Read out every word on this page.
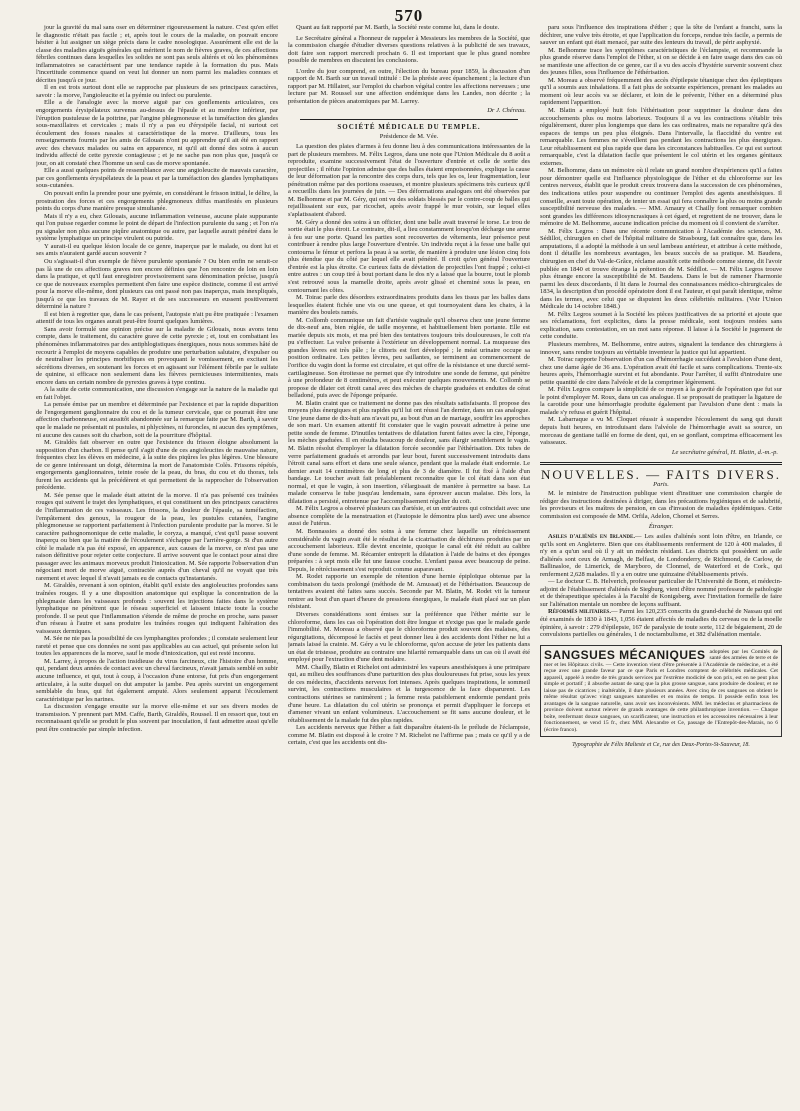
570

jour la gravité du mal sans oser en déterminer rigoureusement la nature. C'est qu'en effet le diagnostic n'était pas facile ; et, après tout le cours de la maladie, on pouvait encore hésiter à lui assigner un siège précis dans le cadre nosologique. Assurément elle est de la classe des maladies aiguës générales qui méritent le nom de fièvres graves, de ces affections fébriles continues dans lesquelles les solides ne sont pas seuls altérés et où les phénomènes inflammatoires se caractérisent par une tendance rapide à la formation du pus. Mais l'incertitude commence quand on veut lui donner un nom parmi les maladies connues et décrites jusqu'à ce jour.

Il en est trois surtout dont elle se rapproche par plusieurs de ses principaux caractères, savoir : la morve, l'angioleucite et la pyémie ou infect ou purulente.

Elle a de l'analogie avec la morve aiguë par ces gonflements articulaires, ces engorgements érysipélateux survenus au-dessus de l'épaule et au membre inférieur, par l'éruption pustuleuse de la poitrine, par l'angine phlegmoneuse et la tuméfaction des glandes sous-maxillaires et cervicales ; mais il n'y a pas eu d'érysipèle facial, ni surtout cet écoulement des fosses nasales si caractéristique de la morve. D'ailleurs, tous les renseignements fournis par les amis de Gilouais n'ont pu apprendre qu'il ait été en rapport avec des chevaux malades ou sains en apparence, ni qu'il ait donné des soins à aucun individu affecté de cette pyrexie contagieuse ; et je ne sache pas non plus que, jusqu'à ce jour, on ait constaté chez l'homme un seul cas de morve spontanée.

Elle a aussi quelques points de ressemblance avec une angioleucite de mauvais caractère, par ces gonflements érysipélateux de la peau et par la tuméfaction des glandes lymphatiques sous-cutanées.

On pouvait enfin la prendre pour une pyémie, en considérant le frisson initial, le délire, la prostration des forces et ces engorgements phlegmoneux diffus manifestés en plusieurs points du corps d'une manière presque simultanée.

Mais il n'y a eu, chez Gilouais, aucune inflammation veineuse, aucune plaie suppurante qui l'on puisse regarder comme le point de départ de l'infection purulente du sang ; et l'on n'a pu signaler non plus aucune piqûre anatomique ou autre, par laquelle aurait pénétré dans le système lymphatique un principe virulent ou putride.

Y aurait-il eu quelque lésion locale de ce genre, inaperçue par le malade, ou dont lui et ses amis n'auraient gardé aucun souvenir ?

Ou s'agissait-il d'un exemple de fièvre purulente spontanée ? Ou bien enfin ne serait-ce pas là une de ces affections graves non encore définies que l'on rencontre de loin en loin dans la pratique, et qu'il faut enregistrer provisoirement sans dénomination précise, jusqu'à ce que de nouveaux exemples permettent d'en faire une espèce distincte, comme il est arrivé pour la morve elle-même, dont plusieurs cas ont passé non pas inaperçus, mais inexpliqués, jusqu'à ce que les travaux de M. Rayer et de ses successeurs en eussent positivement déterminé la nature ?

Il est bien à regretter que, dans le cas présent, l'autopsie n'ait pu être pratiquée : l'examen attentif de tous les organes aurait peut-être fourni quelques lumières.

Sans avoir formulé une opinion précise sur la maladie de Gilouais, nous avons tenu compte, dans le traitement, du caractère grave de cette pyrexie ; et, tout en combattant les phénomènes inflammatoires par des antiphlogistiques énergiques, nous nous sommes hâté de recourir à l'emploi de moyens capables de produire une perturbation salutaire, d'expulser ou de neutraliser les principes morbifiques en provoquant le vomissement, en excitant les sécrétions diverses, en soutenant les forces et en agissant sur l'élément fébrile par le sulfate de quinine, si efficace non seulement dans les fièvres pernicieuses intermittentes, mais encore dans un certain nombre de pyrexies graves à type continu.

A la suite de cette communication, une discussion s'engage sur la nature de la maladie qui en fait l'objet.

La pensée émise par un membre et déterminée par l'existence et par la rapide disparition de l'engorgement ganglionnaire du cou et de la tumeur cervicale, que ce pourrait être une affection charbonneuse, est aussitôt abandonnée sur la remarque faite par M. Barth, à savoir que le malade ne présentait ni pustules, ni phlyctènes, ni furoncles, ni aucun des symptômes, ni aucune des causes soit du charbon, soit de la pourriture d'hôpital.

M. Giraldès fait observer en outre que l'existence du frisson éloigne absolument la supposition d'un charbon. Il pense qu'il s'agit d'une de ces angioleucites de mauvaise nature, fréquentes chez les élèves en médecine, à la suite des piqûres les plus légères. Une blessure de ce genre intéressant un doigt, détermina la mort de l'anatomiste Colès. Frissons répétés, engorgements ganglionnaires, teinte rosée de la peau, du bras, du cou et du thorax, tels furent les accidents qui la précédèrent et qui permettent de la rapprocher de l'observation précédente.

M. Sée pense que le malade était atteint de la morve. Il n'a pas présenté ces traînées rouges qui suivent le trajet des lymphatiques, et qui constituent un des principaux caractères de l'inflammation de ces vaisseaux. Les frissons, la douleur de l'épaule, sa tuméfaction, l'empâtement des genoux, la rougeur de la peau, les pustules cutanées, l'angine phlegmoneuse se rapportent parfaitement à l'infection purulente produite par la morve. Si le caractère pathognomonique de cette maladie, le coryza, a manqué, c'est qu'il passe souvent inaperçu ou bien que la matière de l'écoulement s'échappe par l'arrière-gorge. Si d'un autre côté le malade n'a pas été exposé, en apparence, aux causes de la morve, ce n'est pas une raison définitive pour rejeter cette conjecture. Il arrive souvent que le contact pour ainsi dire passager avec les animaux morveux produit l'intoxication. M. Sée rapporte l'observation d'un négociant mort de morve aiguë, contractée auprès d'un cheval qu'il ne voyait que très rarement et avec lequel il n'avait jamais eu de contacts qu'instantanés.

M. Giraldès, revenant à son opinion, établit qu'il existe des angioleucites profondes sans traînées rouges. Il y a une disposition anatomique qui explique la concentration de la phlegmasie dans les vaisseaux profonds : souvent les injections faites dans le système lymphatique ne pénètrent que le réseau superficiel et laissent intacte toute la couche profonde. Il se peut que l'inflammation s'étende de même de proche en proche, sans passer d'un réseau à l'autre et sans produire les traînées rouges qui indiquent l'altération des vaisseaux dermiques.

M. Sée ne nie pas la possibilité de ces lymphangites profondes ; il constate seulement leur rareté et pense que ces données ne sont pas applicables au cas actuel, qui présente selon lui toutes les apparences de la morve, sauf le mode d'intoxication, qui est resté inconnu.

M. Larrey, à propos de l'action insidieuse du virus farcineux, cite l'histoire d'un homme, qui, pendant deux années de contact avec un cheval farcineux, n'avait jamais semblé en subir aucune influence, et qui, tout à coup, à l'occasion d'une entorse, fut pris d'un engorgement articulaire, à la suite duquel on dut amputer la jambe. Peu après survint un engorgement semblable du bras, qui fut également amputé. Alors seulement apparut l'écoulement caractéristique par les narines.

La discussion s'engage ensuite sur la morve elle-même et sur ses divers modes de transmission. Y prennent part MM. Caffe, Barth, Giraldès, Roussel. Il en ressort que, tout en reconnaissant qu'elle se produit le plus souvent par inoculation, il faut admettre aussi qu'elle peut être contractée par simple infection.

Quant au fait rapporté par M. Barth, la Société reste comme lui, dans le doute.

Le Secrétaire général a l'honneur de rappeler à Messieurs les membres de la Société, que la commission chargée d'étudier diverses questions relatives à la publicité de ses travaux, doit faire son rapport mercredi prochain 6. Il est important que le plus grand nombre possible de membres en discutent les conclusions.

L'ordre du jour comprend, en outre, l'élection du bureau pour 1859, la discussion d'un rapport de M. Barth sur un travail intitulé : De la phrésie avec épanchement ; la lecture d'un rapport par M. Hillairet, sur l'emploi du charbon végétal contre les affections nerveuses ; une lecture par M. Roussel sur une affection endémique dans les Landes, non décrite ; la présentation de pièces anatomiques par M. Larrey.

Dr J. Chéreau.
SOCIÉTÉ MÉDICALE DU TEMPLE.
Présidence de M. Vée.

La question des plaies d'armes à feu donne lieu à des communications intéressantes de la part de plusieurs membres. M. Félix Legros, dans une note que l'Union Médicale du 8 août a reproduite, examine successivement l'état de l'ouverture d'entrée et celle de sortie des projectiles ; il réfute l'opinion admise que des balles étaient empoisonnées, explique la cause de leur déformation par la rencontre des corps durs, tels que les os, leur fragmentation, leur pénétration même par des portions osseuses, et montre plusieurs spécimens très curieux qu'il a recueillis dans les journées de juin. — Des déformations analogues ont été observées par M. Belhomme et par M. Géry, qui ont vu des soldats blessés par le contre-coup de balles qui rejaillissaient sur eux, par ricochet, après avoir frappé le mur voisin, sur lequel elles s'aplatissaient d'abord.

M. Géry a donné des soins à un officier, dont une balle avait traversé le torse. Le trou de sortie était le plus étroit. Le contraire, dit-il, a lieu constamment lorsqu'on décharge une arme à feu sur une porte. Quand les parties sont recouvertes de vêtements, leur présence peut contribuer à rendre plus large l'ouverture d'entrée. Un individu reçut à la fesse une balle qui contourna le fémur et perfora la peau à sa sortie, de manière à produire une lésion cinq fois plus étendue que du côté par lequel elle avait pénétré. Il croit qu'en général l'ouverture d'entrée est la plus étroite. Ce curieux faits de déviation de projectiles l'ont frappé ; celui-ci entre autres : un coup tiré à bout portant dans le dos n'y a laissé que la bourre, tout le plomb s'est retrouvé sous la mamelle droite, après avoir glissé et cheminé sous la peau, en contournant les côtes.

M. Toirac parle des désordres extraordinaires produits dans les tissus par les balles dans lesquelles étaient fichée une vis ou une queue, et qui tournoyaient dans les chairs, à la manière des boulets ramés.

M. Collomb communique un fait d'artésie vaginale qu'il observa chez une jeune femme de dix-neuf ans, bien réglée, de taille moyenne, et habituellement bien portante. Elle est mariée depuis six mois, et ma pré bien des tentatives toujours très douloureuses, le coït n'a pu s'effectuer. La vulve présente à l'extérieur un développement normal. La muqueuse des grandes lèvres est très pâle ; le clitoris est fort développé ; le méat urinaire occupe sa position ordinaire. Les petites lèvres, peu saillantes, se terminent au commencement de l'orifice du vagin dont la forme est circulaire, et qui offre de la résistance et une durcié semi-cartilagineuse. Son étroitesse ne permet que d'y introduire une sonde de femme, qui pénètre à une profondeur de 8 centimètres, et peut exécuter quelques mouvements. M. Collomb se propose de dilater cet étroit canal avec des mèches de charpie graduées et enduites de cérat belladoné, puis avec de l'éponge préparée.

M. Blatin craint que ce traitement ne donne pas des résultats satisfaisants. Il propose des moyens plus énergiques et plus rapides qu'il lui ont réussi l'an dernier, dans un cas analogue. Une jeune dame de dix-huit ans n'avait pu, au bout d'un an de mariage, souffrir les approches de son mari. Un examen attentif fit constater que le vagin pouvait admettre à peine une petite sonde de femme. D'inutiles tentatives de dilatation furent faites avec la cire, l'éponge, les mèches graduées. Il en résulta beaucoup de douleur, sans élargir sensiblement le vagin. M. Blatin résolut d'employer la dilatation forcée secondée par l'éthérisation. Dix tubes de verre parfaitement gradués et arrondis par leur bout, furent successivement introduits dans l'étroit canal sans effort et dans une seule séance, pendant que la malade était endormie. Le dernier avait 14 centimètres de long et plus de 3 de diamètre. Il fut fixé à l'aide d'un bandage. Le toucher avait fait préalablement reconnaître que le col était dans son état normal, et que le vagin, à son insertion, s'élargissait de manière à permettre sa base. La malade conserva le tube jusqu'au lendemain, sans éprouver aucun malaise. Dès lors, la dilatation a persisté, entretenue par l'accomplissement régulier du coït.

M. Félix Legros a observé plusieurs cas d'artésie, et un entr'autres qui coïncidait avec une absence complète de la menstruation et (l'autopsie le démontra plus tard) avec une absence aussi de l'utérus.

M. Bonnassies a donné des soins à une femme chez laquelle un rétrécissement considérable du vagin avait été le résultat de la cicatrisation de déchirures produites par un accouchement laborieux. Elle devint enceinte, quoique le canal eût été réduit au calibre d'une sonde de femme. M. Récamier entreprit la dilatation à l'aide de bains et des éponges préparées : à sept mois elle fut une fausse couche. L'enfant passa avec beaucoup de peine. Depuis, le rétrécissement s'est reproduit comme auparavant.

M. Rodet rapporte un exemple de rétention d'une hernie épiploïque obtenue par la combinaison du taxis prolongé (méthode de M. Amussat) et de l'éthérisation. Beaucoup de tentatives avaient été faites sans succès. Seconde par M. Blatin, M. Rodet vit la tumeur rentrer au bout d'un quart d'heure de pressions énergiques, le malade était placé sur un plan résistant.

Diverses considérations sont émises sur la préférence que l'éther mérite sur le chloroforme, dans les cas où l'opération doit être longue et n'exige pas que le malade garde l'immobilité. M. Moreau a observé que le chloroforme produit souvent des malaises, des régurgitations, décomposé le faciès et peut donner lieu à des accidents dont l'éther ne lui a jamais laissé la crainte. M. Géry a vu le chloroforme, qu'on accuse de jeter les patients dans un état de tristesse, produire au contraire une hilarité remarquable dans un cas où il avait été employé pour l'extraction d'une dent molaire.

MM. Chailly, Blatin et Richelot ont administré les vapeurs anesthésiques à une primipare qui, au milieu des souffrances d'une parturition des plus douloureuses fut prise, sous les yeux de ces médecins, d'accidents nerveux fort intenses. Après quelques inspirations, le sommeil survint, les contractions musculaires et la turgescence de la face disparurent. Les contractions utérines se ranimèrent ; la femme resta paisiblement endormie pendant près d'une heure. La dilatation du col utérin se prononça et permit d'appliquer le forceps et d'amener vivant un enfant volumineux. L'accouchement se fit sans aucune douleur, et le rétablissement de la malade fut des plus rapides.

Les accidents nerveux que l'éther a fait disparaître étaient-ils le prélude de l'éclampsie, comme M. Blatin est disposé à le croire ? M. Richelot ne l'affirme pas ; mais ce qu'il y a de certain, c'est que les accidents ont dis-

paru sous l'influence des inspirations d'éther ; que la tête de l'enfant a franchi, sans la déchirer, une vulve très étroite, et que l'application du forceps, rendue très facile, a permis de sauver un enfant qui était menacé, par suite des lenteurs du travail, de périr asphyxié.

M. Belhomme trace les symptômes caractéristiques de l'éclampsie, et recommande la plus grande réserve dans l'emploi de l'éther, si on se décide à en faire usage dans des cas où se manifeste une affection de ce genre, car il a vu des accès d'hystérie survenir souvent chez des jeunes filles, sous l'influence de l'éthérisation.

M. Moreau a observé fréquemment des accès d'épilepsie tétanique chez des épileptiques qu'il a soumis aux inhalations. Il a fait plus de soixante expériences, prenant les malades au moment où leur accès va se déclarer, et loin de le prévenir, l'éther en a déterminé plus rapidement l'apparition.

M. Blatin a employé huit fois l'éthérisation pour supprimer la douleur dans des accouchements plus ou moins laborieux. Toujours il a vu les contractions s'établir très régulièrement, durer plus longtemps que dans les cas ordinaires, mais ne reparaître qu'à des espaces de temps un peu plus éloignés. Dans l'intervalle, la flaccidité du ventre est remarquable. Les femmes ne s'éveillent pas pendant les contractions les plus énergiques. Leur rétablissement est plus rapide que dans les circonstances habituelles. Ce qui est surtout remarquable, c'est la dilatation facile que présentent le col utérin et les organes génitaux externes.

M. Belhomme, dans un mémoire où il relate un grand nombre d'expériences qu'il a faites pour démontrer quelle est l'influence physiologique de l'éther et du chloroforme sur les centres nerveux, établit que le produit creux trouvera dans la succession de ces phénomènes, des indications utiles pour suspendre ou continuer l'emploi des agents anesthésiques. Il conseille, avant toute opération, de tenter un essai qui fera connaître la plus ou moins grande susceptibilité nerveuse des malades. — MM. Amaury et Chailly font remarquer combien sont grandes les différences idiosyncrasiques à cet égard, et regrettent de ne trouver, dans le mémoire de M. Belhomme, aucune indication précise du moment où il convient de s'arrêter.

M. Félix Legros : Dans une récente communication à l'Académie des sciences, M. Sédillot, chirurgien en chef de l'hôpital militaire de Strasbourg, fait connaître que, dans les amputations, il a adopté la méthode à un seul lambeau antérieur, et attribue à cette méthode, dont il détaille les nombreux avantages, les beaux succès de sa pratique. M. Baudens, chirurgien en chef du Val-de-Grâce, réclame aussitôt cette méthode comme sienne, dit l'avoir publiée en 1840 et trouve étrange la prétention de M. Sédillot. — M. Félix Legros trouve plus étrange encore la susceptibilité de M. Baudens. Dans le but de ramener l'harmonie parmi les deux discordants, il lit dans le Journal des connaissances médico-chirurgicales de 1834, la description d'un procédé opératoire dont il est l'auteur, et qui paraît identique, même dans les termes, avec celui que se disputent les deux célébrités militaires. (Voir l'Union Médicale du 14 octobre 1848.)

M. Félix Legros soumet à la Société les pièces justificatives de sa priorité et ajoute que ses réclamations, fort explicites, dans la presse médicale, sont toujours restées sans explication, sans contestation, en un mot sans réponse. Il laisse à la Société le jugement de cette conduite.

Plusieurs membres, M. Belhomme, entre autres, signalent la tendance des chirurgiens à innover, sans rendre toujours au véritable inventeur la justice qui lui appartient.

M. Toirac rapporte l'observation d'un cas d'hémorrhagie succédant à l'avulsion d'une dent, chez une dame âgée de 36 ans. L'opération avait été facile et sans complications. Trente-six heures après, l'hémorrhagie survint et fut abondante. Pour l'arrêter, il suffit d'introduire une petite quantité de cire dans l'alvéole et de la comprimer légèrement.

M. Félix Legros compare la simplicité de ce moyen à la gravité de l'opération que fut sur le point d'employer M. Roux, dans un cas analogue. Il se proposait de pratiquer la ligature de la carotide pour une hémorrhagie produite également par l'avulsion d'une dent : mais la malade s'y refusa et guérit l'hôpital.

M. Labarraque a vu M. Cloquet réussir à suspendre l'écoulement du sang qui durait depuis huit heures, en introduisant dans l'alvéole de l'hémorrhagie avait sa source, un morceau de gentiane taillé en forme de dent, qui, en se gonflant, comprima efficacement les vaisseaux.

Le secrétaire général, H. Blatin, d.-m.-p.
NOUVELLES. — FAITS DIVERS.
Paris.

M. le ministre de l'instruction publique vient d'instituer une commission chargée de rédiger des instructions destinées à diriger, dans les précautions hygiéniques et de salubrité, les proviseurs et les maîtres de pension, en cas d'invasion de maladies épidémiques. Cette commission est composée de MM. Orfila, Adelon, Chomel et Serres.

Étranger.

Asiles d'aliénés en Irlande.— Les asiles d'aliénés sont loin d'être, en Irlande, ce qu'ils sont en Angleterre. Bien que ces établissements renferment de 120 à 400 malades, il n'y en a qu'un seul où il y ait un médecin résidant. Les districts qui possèdent un asile d'aliénés sont ceux de Armagh, de Belfast, de Londonderry, de Richmond, de Carlow, de Ballinasloe, de Limerick, de Maryboro, de Clonmel, de Waterford et de Cork., qui renferment 2,628 malades. Il y a en outre une quinzaine d'établissements privés.

— Le docteur C. B. Helverich, professeur particulier de l'Université de Bonn, et médecin-adjoint de l'établissement d'aliénés de Siegburg, vient d'être nommé professeur de pathologie et de thérapeutique spéciales à la Faculté de Konigsberg, avec l'invitation formelle de faire sur l'aliénation mentale un nombre de leçons suffisant.

Réformés militaires.— Parmi les 120,235 conscrits du grand-duché de Nassau qui ont été examinés de 1830 à 1843, 1,056 étaient affectés de maladies du cerveau ou de la moelle épinière, à savoir : 279 d'épilepsie, 167 de paralysie de toute sorte, 112 de bégaiement, 20 de convulsions partielles ou générales, 1 de noctambulisme, et 382 d'aliénation mentale.

SANGSUES MÉCANIQUES adoptées par les Comités de santé des armées de terre et de mer et les Hôpitaux civils. — Cette invention vient d'être présentée à l'Académie de médecine, et a été reçue avec une grande faveur par ce que Paris et Londres comptent de célébrités médicales. Cet appareil, appelé à rendre de très grands services par l'extrême modicité de son prix, est en ne peut plus simple et portatif ; il absorbe autant de sang que la plus grosse sangsue, sans produire de douleur, et ne laisse pas de cicatrices ; inaltérable, il dure plusieurs années. Avec cinq de ces sangsues on obtient le même résultat qu'avec vingt sangsues naturelles et en moins de temps. Il possède enfin tous les avantages de la sangsue naturelle, sans avoir ses inconvénients. MM. les médecins et pharmaciens de province doivent surtout relever de grands avantages de cette philanthropique invention. — Chaque boîte, renfermant douze sangsues, un scarificateur, une instruction et les accessoires nécessaires à leur fonctionnement, se vend 15 fr., chez MM. Alexandre et Ce, passage de l'Entrepôt-des-Marais, no 6 (écrire franco).
Typographie de Félix Malteste et Ce, rue des Deux-Portes-St-Sauveur, 18.
